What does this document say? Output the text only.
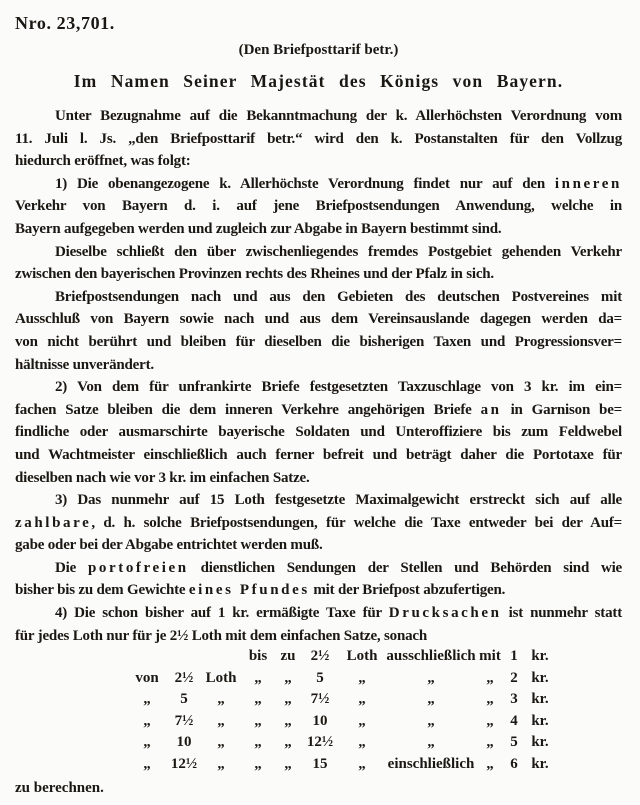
Nro. 23,701.
(Den Briefposttarif betr.)
Im Namen Seiner Majestät des Königs von Bayern.
Unter Bezugnahme auf die Bekanntmachung der k. Allerhöchsten Verordnung vom
11. Juli l. Js. „den Briefposttarif betr.“ wird den k. Postanstalten für den Vollzug
hiedurch eröffnet, was folgt:
1) Die obenangezogene k. Allerhöchste Verordnung findet nur auf den inneren
Verkehr von Bayern d. i. auf jene Briefpostsendungen Anwendung, welche in
Bayern aufgegeben werden und zugleich zur Abgabe in Bayern bestimmt sind.
Dieselbe schließt den über zwischenliegendes fremdes Postgebiet gehenden Verkehr
zwischen den bayerischen Provinzen rechts des Rheines und der Pfalz in sich.
Briefpostsendungen nach und aus den Gebieten des deutschen Postvereines mit
Ausschluß von Bayern sowie nach und aus dem Vereinsauslande dagegen werden da=
von nicht berührt und bleiben für dieselben die bisherigen Taxen und Progressionsver=
hältnisse unverändert.
2) Von dem für unfrankirte Briefe festgesetzten Taxzuschlage von 3 kr. im ein=
fachen Satze bleiben die dem inneren Verkehre angehörigen Briefe an in Garnison be=
findliche oder ausmarschirte bayerische Soldaten und Unteroffiziere bis zum Feldwebel
und Wachtmeister einschließlich auch ferner befreit und beträgt daher die Portotaxe für
dieselben nach wie vor 3 kr. im einfachen Satze.
3) Das nunmehr auf 15 Loth festgesetzte Maximalgewicht erstreckt sich auf alle
zahlbare, d. h. solche Briefpostsendungen, für welche die Taxe entweder bei der Auf=
gabe oder bei der Abgabe entrichtet werden muß.
Die portofreien dienstlichen Sendungen der Stellen und Behörden sind wie
bisher bis zu dem Gewichte eines Pfundes mit der Briefpost abzufertigen.
4) Die schon bisher auf 1 kr. ermäßigte Taxe für Drucksachen ist nunmehr statt
für jedes Loth nur für je 2½ Loth mit dem einfachen Satze, sonach
bis zu	2½	Loth ausschließlich mit 1 kr.
von	2½ Loth	„	„	5	„	„	„	2 kr.
„	5	„	„	„	7½	„	„	„	3 kr.
„	7½	„	„	„	10	„	„	„	4 kr.
„	10	„	„	„	12½	„	„	„	5 kr.
„	12½	„	„	„	15	„	einschließlich „	6 kr.
zu berechnen.
